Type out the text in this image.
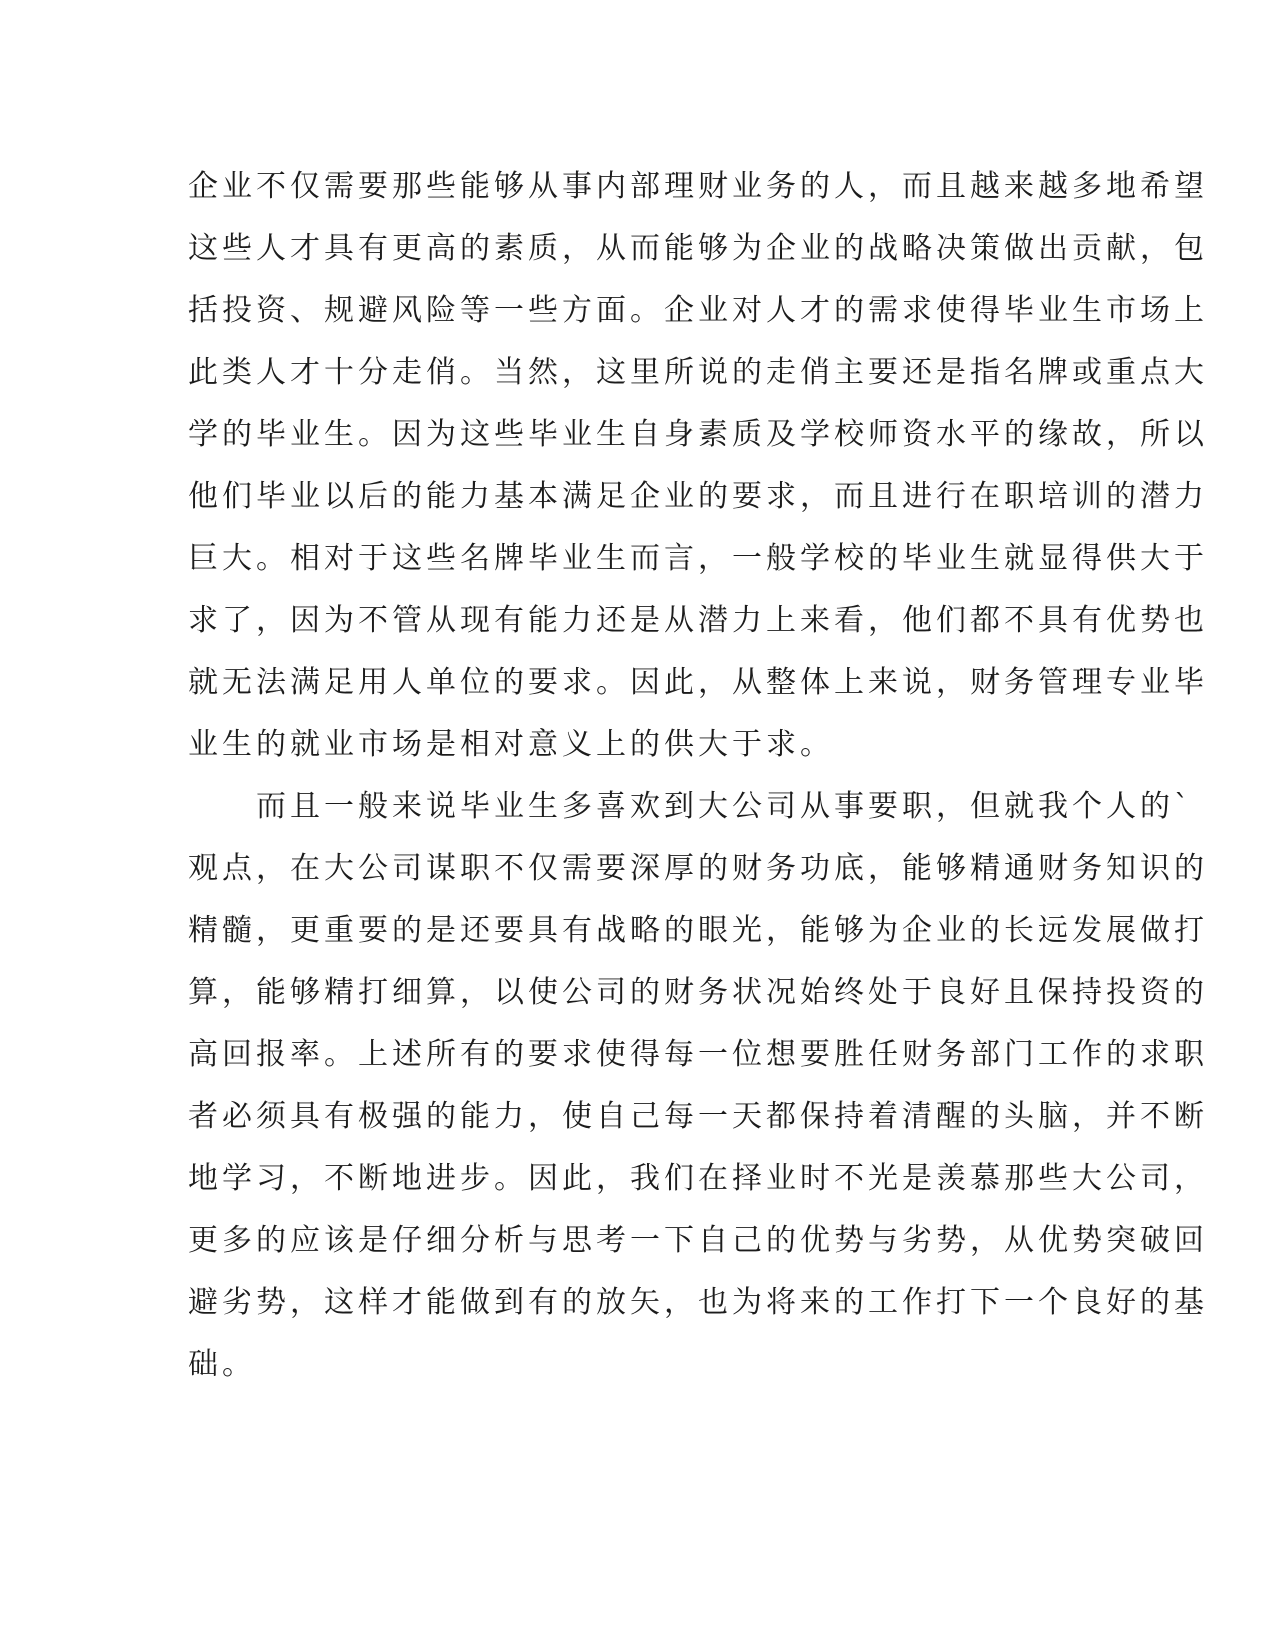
企业不仅需要那些能够从事内部理财业务的人，而且越来越多地希望
这些人才具有更高的素质，从而能够为企业的战略决策做出贡献，包
括投资、规避风险等一些方面。企业对人才的需求使得毕业生市场上
此类人才十分走俏。当然，这里所说的走俏主要还是指名牌或重点大
学的毕业生。因为这些毕业生自身素质及学校师资水平的缘故，所以
他们毕业以后的能力基本满足企业的要求，而且进行在职培训的潜力
巨大。相对于这些名牌毕业生而言，一般学校的毕业生就显得供大于
求了，因为不管从现有能力还是从潜力上来看，他们都不具有优势也
就无法满足用人单位的要求。因此，从整体上来说，财务管理专业毕
业生的就业市场是相对意义上的供大于求。
而且一般来说毕业生多喜欢到大公司从事要职，但就我个人的`
观点，在大公司谋职不仅需要深厚的财务功底，能够精通财务知识的
精髓，更重要的是还要具有战略的眼光，能够为企业的长远发展做打
算，能够精打细算，以使公司的财务状况始终处于良好且保持投资的
高回报率。上述所有的要求使得每一位想要胜任财务部门工作的求职
者必须具有极强的能力，使自己每一天都保持着清醒的头脑，并不断
地学习，不断地进步。因此，我们在择业时不光是羡慕那些大公司，
更多的应该是仔细分析与思考一下自己的优势与劣势，从优势突破回
避劣势，这样才能做到有的放矢，也为将来的工作打下一个良好的基
础。
